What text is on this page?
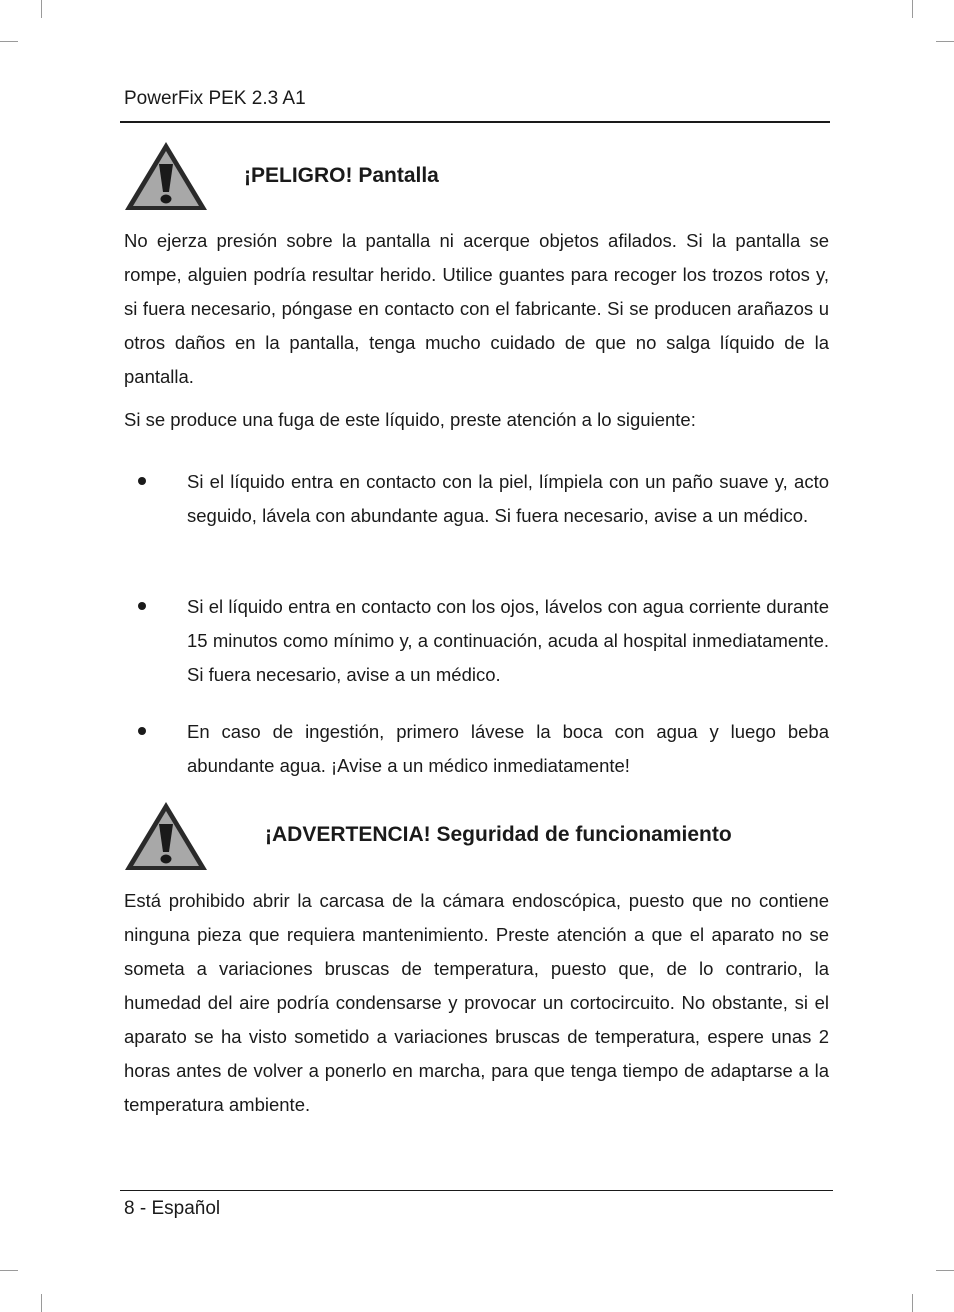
PowerFix PEK 2.3 A1
¡PELIGRO! Pantalla
No ejerza presión sobre la pantalla ni acerque objetos afilados. Si la pantalla se rompe, alguien podría resultar herido. Utilice guantes para recoger los trozos rotos y, si fuera necesario, póngase en contacto con el fabricante. Si se producen arañazos u otros daños en la pantalla, tenga mucho cuidado de que no salga líquido de la pantalla.
Si se produce una fuga de este líquido, preste atención a lo siguiente:
Si el líquido entra en contacto con la piel, límpiela con un paño suave y, acto seguido, lávela con abundante agua. Si fuera necesario, avise a un médico.
Si el líquido entra en contacto con los ojos, lávelos con agua corriente durante 15 minutos como mínimo y, a continuación, acuda al hospital inmediatamente. Si fuera necesario, avise a un médico.
En caso de ingestión, primero lávese la boca con agua y luego beba abundante agua. ¡Avise a un médico inmediatamente!
¡ADVERTENCIA! Seguridad de funcionamiento
Está prohibido abrir la carcasa de la cámara endoscópica, puesto que no contiene ninguna pieza que requiera mantenimiento. Preste atención a que el aparato no se someta a variaciones bruscas de temperatura, puesto que, de lo contrario, la humedad del aire podría condensarse y provocar un cortocircuito. No obstante, si el aparato se ha visto sometido a variaciones bruscas de temperatura, espere unas 2 horas antes de volver a ponerlo en marcha, para que tenga tiempo de adaptarse a la temperatura ambiente.
8 - Español
